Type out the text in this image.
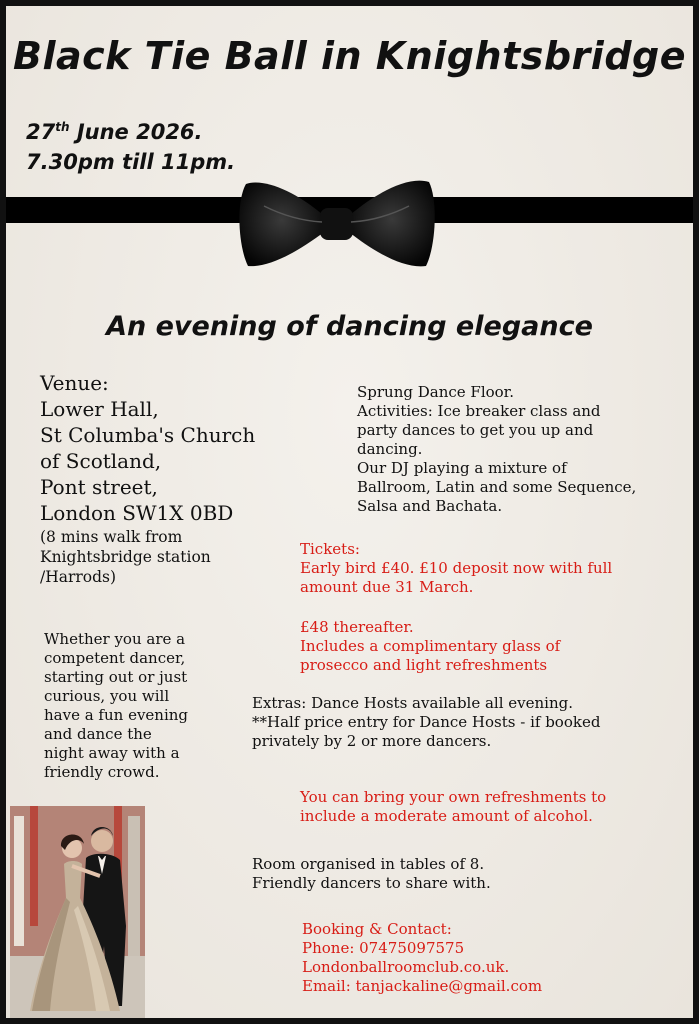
Black Tie Ball in Knightsbridge
27th June 2026.
7.30pm till 11pm.
An evening of dancing elegance
Venue:
Lower Hall,
St Columba's Church
of Scotland,
Pont street,
London SW1X 0BD
(8 mins walk from
Knightsbridge station
/Harrods)
Whether you are a
competent dancer,
starting out or just
curious, you will
have a fun evening
and dance the
night away with a
friendly crowd.
Sprung Dance Floor.
Activities: Ice breaker class and
party dances to get you up and
dancing.
Our DJ playing a mixture of
Ballroom, Latin and some Sequence,
Salsa and Bachata.
Tickets:
Early bird £40. £10 deposit now with full
amount due 31 March.
£48 thereafter.
Includes a complimentary glass of
prosecco and light refreshments
Extras: Dance Hosts available all evening.
**Half price entry for Dance Hosts - if booked
privately by 2 or more dancers.
You can bring your own refreshments to
include a moderate amount of alcohol.
Room organised in tables of 8.
Friendly dancers to share with.
Booking & Contact:
Phone: 07475097575
Londonballroomclub.co.uk.
Email: tanjackaline@gmail.com
